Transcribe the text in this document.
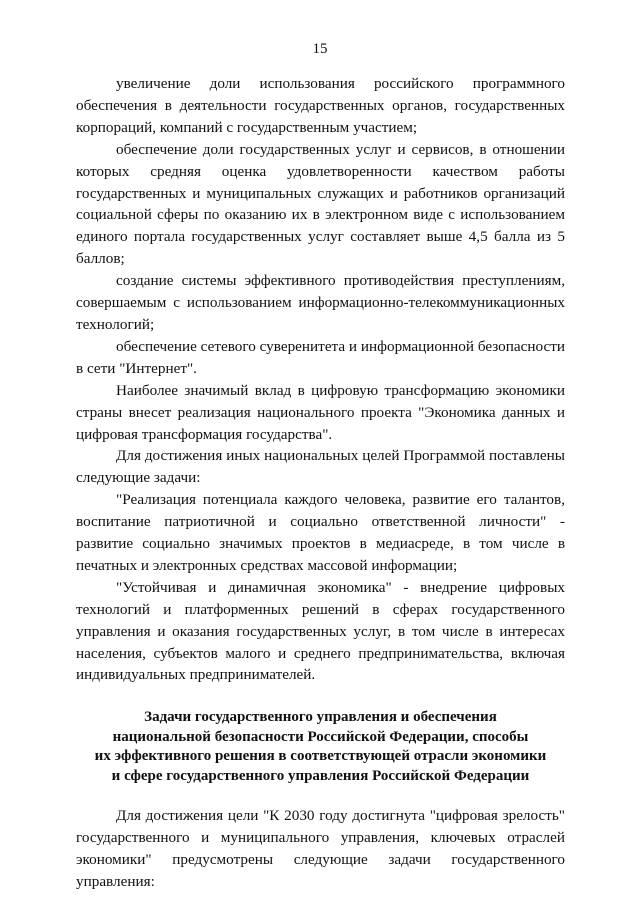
15

увеличение доли использования российского программного обеспечения в деятельности государственных органов, государственных корпораций, компаний с государственным участием;

обеспечение доли государственных услуг и сервисов, в отношении которых средняя оценка удовлетворенности качеством работы государственных и муниципальных служащих и работников организаций социальной сферы по оказанию их в электронном виде с использованием единого портала государственных услуг составляет выше 4,5 балла из 5 баллов;

создание системы эффективного противодействия преступлениям, совершаемым с использованием информационно-телекоммуникационных технологий;

обеспечение сетевого суверенитета и информационной безопасности в сети "Интернет".

Наиболее значимый вклад в цифровую трансформацию экономики страны внесет реализация национального проекта "Экономика данных и цифровая трансформация государства".

Для достижения иных национальных целей Программой поставлены следующие задачи:

"Реализация потенциала каждого человека, развитие его талантов, воспитание патриотичной и социально ответственной личности" - развитие социально значимых проектов в медиасреде, в том числе в печатных и электронных средствах массовой информации;

"Устойчивая и динамичная экономика" - внедрение цифровых технологий и платформенных решений в сферах государственного управления и оказания государственных услуг, в том числе в интересах населения, субъектов малого и среднего предпринимательства, включая индивидуальных предпринимателей.

Задачи государственного управления и обеспечения
национальной безопасности Российской Федерации, способы
их эффективного решения в соответствующей отрасли экономики
и сфере государственного управления Российской Федерации

Для достижения цели "К 2030 году достигнута "цифровая зрелость" государственного и муниципального управления, ключевых отраслей экономики" предусмотрены следующие задачи государственного управления:
